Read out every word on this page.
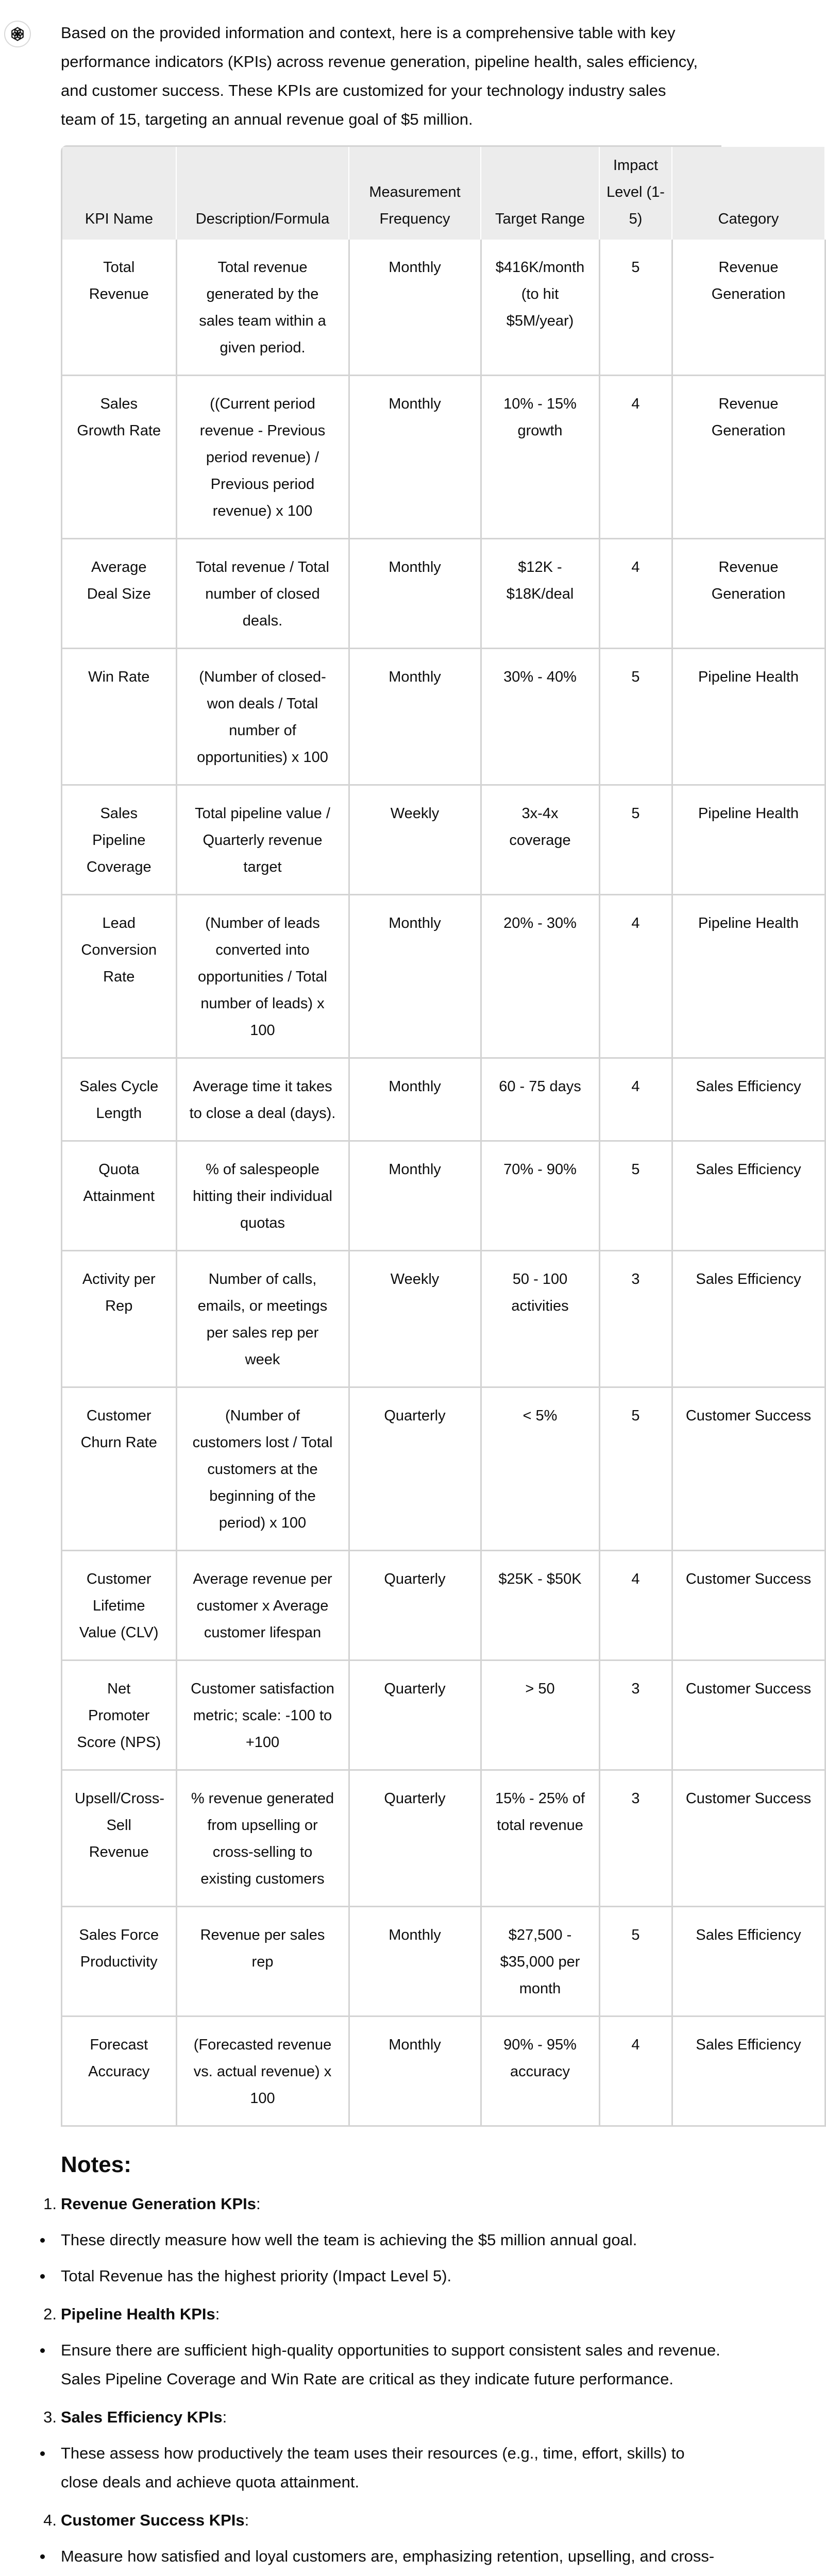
Based on the provided information and context, here is a comprehensive table with key performance indicators (KPIs) across revenue generation, pipeline health, sales efficiency, and customer success. These KPIs are customized for your technology industry sales team of 15, targeting an annual revenue goal of $5 million.

KPI Name	Description/Formula	Measurement Frequency	Target Range	Impact Level (1-5)	Category
Total Revenue	Total revenue generated by the sales team within a given period.	Monthly	$416K/month (to hit $5M/year)	5	Revenue Generation
Sales Growth Rate	((Current period revenue - Previous period revenue) / Previous period revenue) x 100	Monthly	10% - 15% growth	4	Revenue Generation
Average Deal Size	Total revenue / Total number of closed deals.	Monthly	$12K - $18K/deal	4	Revenue Generation
Win Rate	(Number of closed-won deals / Total number of opportunities) x 100	Monthly	30% - 40%	5	Pipeline Health
Sales Pipeline Coverage	Total pipeline value / Quarterly revenue target	Weekly	3x-4x coverage	5	Pipeline Health
Lead Conversion Rate	(Number of leads converted into opportunities / Total number of leads) x 100	Monthly	20% - 30%	4	Pipeline Health
Sales Cycle Length	Average time it takes to close a deal (days).	Monthly	60 - 75 days	4	Sales Efficiency
Quota Attainment	% of salespeople hitting their individual quotas	Monthly	70% - 90%	5	Sales Efficiency
Activity per Rep	Number of calls, emails, or meetings per sales rep per week	Weekly	50 - 100 activities	3	Sales Efficiency
Customer Churn Rate	(Number of customers lost / Total customers at the beginning of the period) x 100	Quarterly	< 5%	5	Customer Success
Customer Lifetime Value (CLV)	Average revenue per customer x Average customer lifespan	Quarterly	$25K - $50K	4	Customer Success
Net Promoter Score (NPS)	Customer satisfaction metric; scale: -100 to +100	Quarterly	> 50	3	Customer Success
Upsell/Cross-Sell Revenue	% revenue generated from upselling or cross-selling to existing customers	Quarterly	15% - 25% of total revenue	3	Customer Success
Sales Force Productivity	Revenue per sales rep	Monthly	$27,500 - $35,000 per month	5	Sales Efficiency
Forecast Accuracy	(Forecasted revenue vs. actual revenue) x 100	Monthly	90% - 95% accuracy	4	Sales Efficiency
Notes:
1. Revenue Generation KPIs:
These directly measure how well the team is achieving the $5 million annual goal.
Total Revenue has the highest priority (Impact Level 5).
2. Pipeline Health KPIs:
Ensure there are sufficient high-quality opportunities to support consistent sales and revenue. Sales Pipeline Coverage and Win Rate are critical as they indicate future performance.
3. Sales Efficiency KPIs:
These assess how productively the team uses their resources (e.g., time, effort, skills) to close deals and achieve quota attainment.
4. Customer Success KPIs:
Measure how satisfied and loyal customers are, emphasizing retention, upselling, and cross-
